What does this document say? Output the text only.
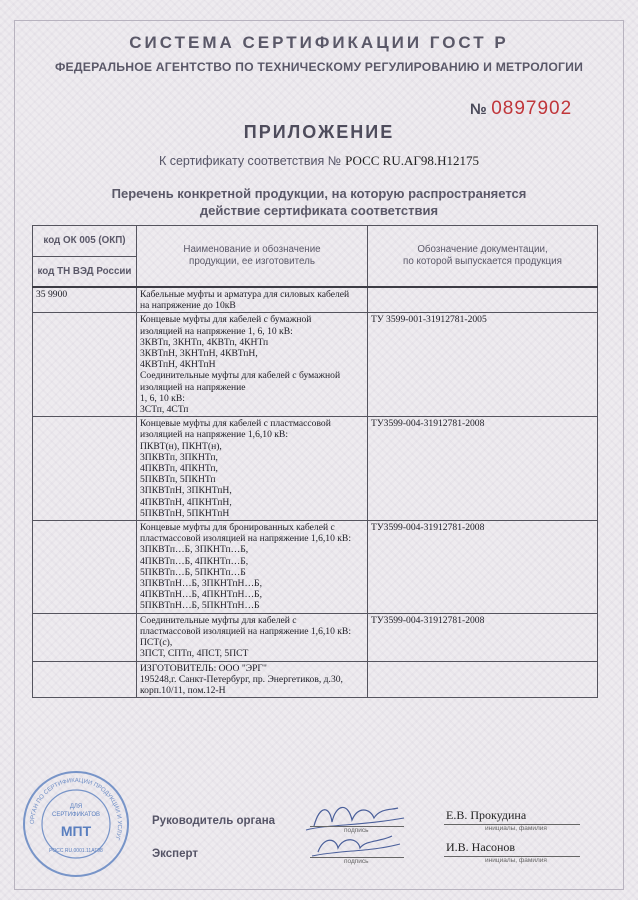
СИСТЕМА СЕРТИФИКАЦИИ ГОСТ Р
ФЕДЕРАЛЬНОЕ АГЕНТСТВО ПО ТЕХНИЧЕСКОМУ РЕГУЛИРОВАНИЮ И МЕТРОЛОГИИ
№ 0897902
ПРИЛОЖЕНИЕ
К сертификату соответствия № РОСС RU.АГ98.Н12175
Перечень конкретной продукции, на которую распространяется
действие сертификата соответствия
код ОК 005 (ОКП)	
Наименование и обозначение
продукции, ее изготовитель

Обозначение документации,
по которой выпускается продукция

код ТН ВЭД России
35 9900	Кабельные муфты и арматура для силовых кабелей
на напряжение до 10кВ

Концевые муфты для кабелей с бумажной
изоляцией на напряжение 1, 6, 10 кВ:
3КВТп, 3КНТп, 4КВТп, 4КНТп
3КВТпН, 3КНТпН, 4КВТпН,
4КВТпН, 4КНТпН
Соединительные муфты для кабелей с бумажной
изоляцией на напряжение
1, 6, 10 кВ:
3СТп, 4СТп
	ТУ 3599-001-31912781-2005

Концевые муфты для кабелей с пластмассовой
изоляцией на напряжение 1,6,10 кВ:
ПКВТ(н), ПКНТ(н),
3ПКВТп, 3ПКНТп,
4ПКВТп, 4ПКНТп,
5ПКВТп, 5ПКНТп
3ПКВТпН, 3ПКНТпН,
4ПКВТпН, 4ПКНТпН,
5ПКВТпН, 5ПКНТпН
	ТУ3599-004-31912781-2008

Концевые муфты для бронированных кабелей с
пластмассовой изоляцией на напряжение 1,6,10 кВ:
3ПКВТп…Б, 3ПКНТп…Б,
4ПКВТп…Б, 4ПКНТп…Б,
5ПКВТп…Б, 5ПКНТп…Б
3ПКВТпН…Б, 3ПКНТпН…Б,
4ПКВТпН…Б, 4ПКНТпН…Б,
5ПКВТпН…Б, 5ПКНТпН…Б
	ТУ3599-004-31912781-2008

Соединительные муфты для кабелей с
пластмассовой изоляцией на напряжение 1,6,10 кВ:
ПСТ(с),
3ПСТ, СПТп, 4ПСТ, 5ПСТ
	ТУ3599-004-31912781-2008

ИЗГОТОВИТЕЛЬ: ООО "ЭРГ"
195248,г. Санкт-Петербург, пр. Энергетиков, д.30,
корп.10/11, пом.12-Н

Руководитель органа
Эксперт
подпись
подпись
Е.В. Прокудина
инициалы, фамилия
И.В. Насонов
инициалы, фамилия
ОРГАН ПО СЕРТИФИКАЦИИ ПРОДУКЦИИ И УСЛУГ
ДЛЯ
СЕРТИФИКАТОВ
МПТ
РОСС RU.0001.11АГ98
